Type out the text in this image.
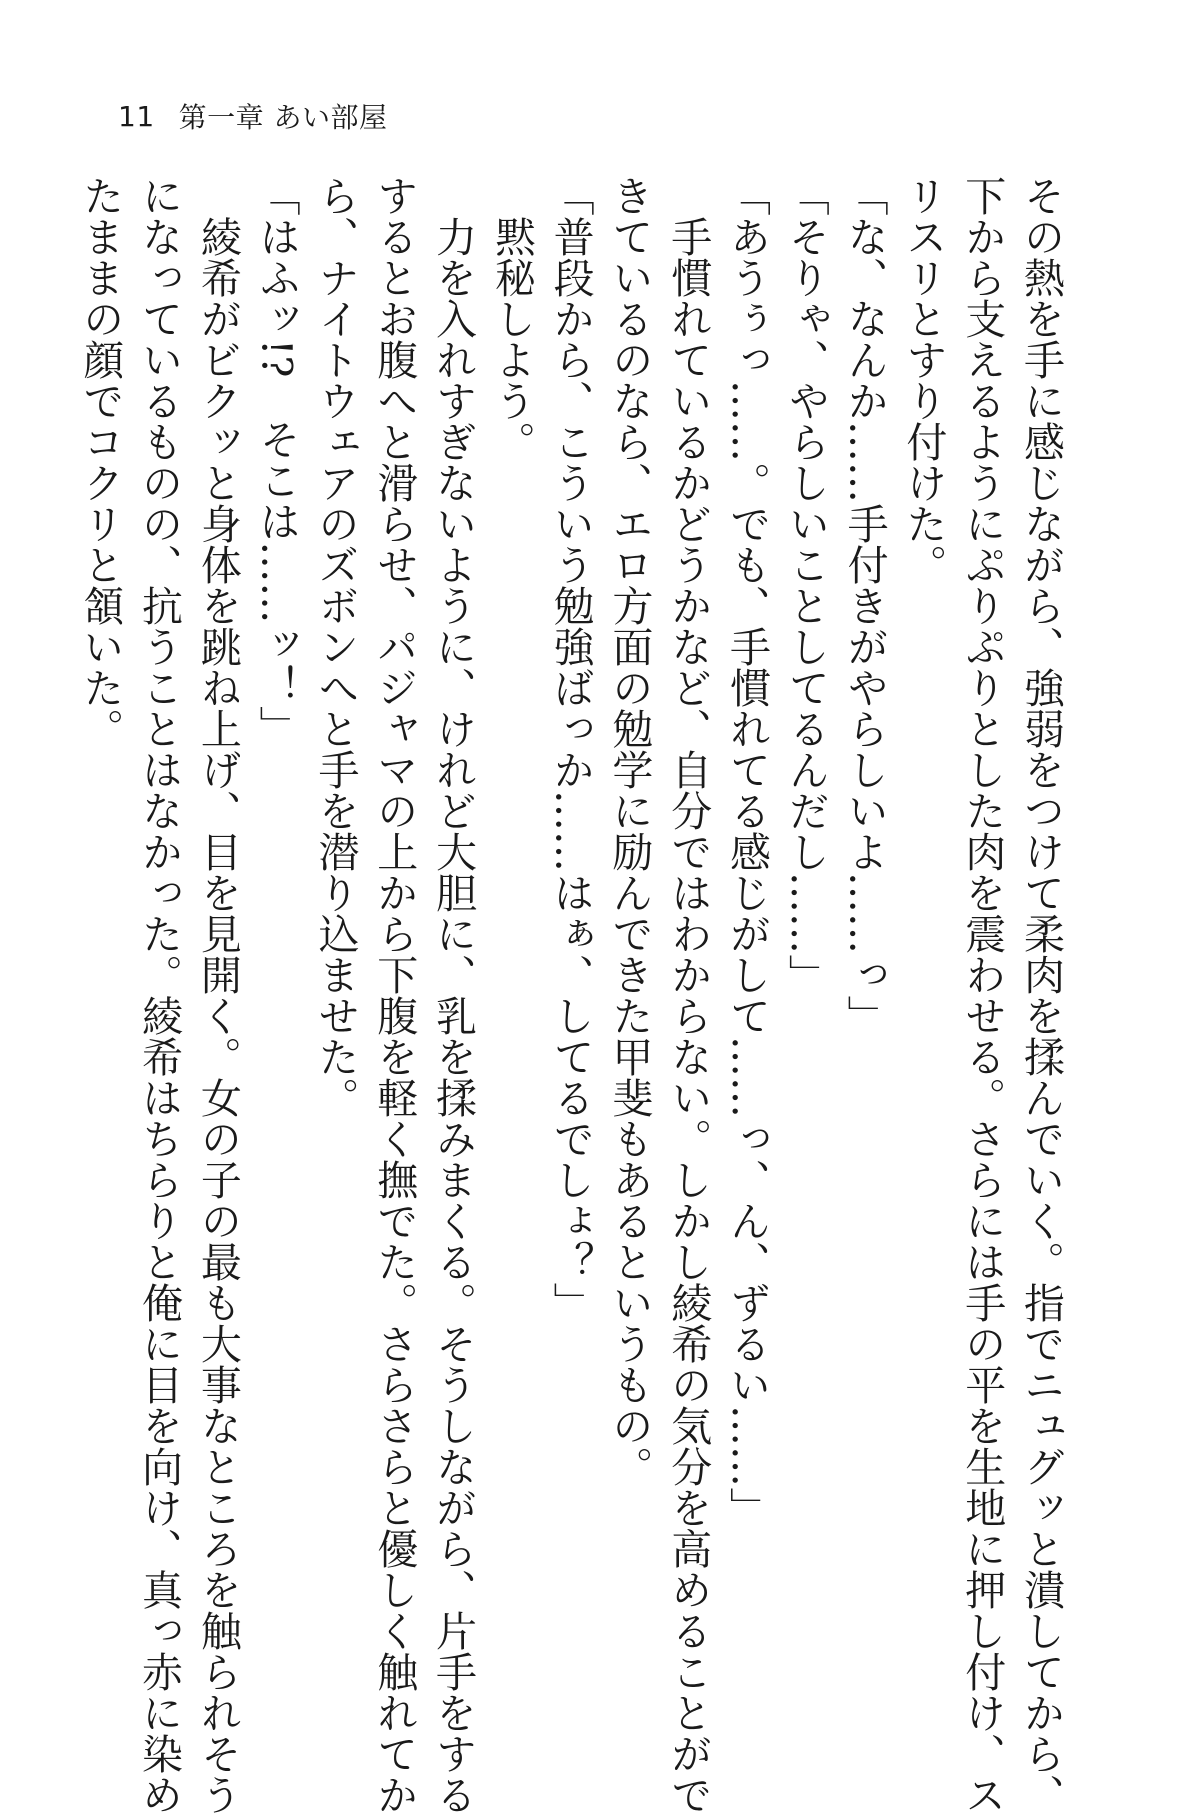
11 第一章 あい部屋
その熱を手に感じながら、強弱をつけて柔肉を揉んでいく。指でニュグッと潰してから、
下から支えるようにぷりぷりとした肉を震わせる。さらには手の平を生地に押し付け、ス
リスリとすり付けた。
「な、なんか……手付きがやらしいよ……っ」
「そりゃ、やらしいことしてるんだし……」
「あうぅっ……。でも、手慣れてる感じがして……っ、ん、ずるい……」
　手慣れているかどうかなど、自分ではわからない。しかし綾希の気分を高めることがで
きているのなら、エロ方面の勉学に励んできた甲斐もあるというもの。
「普段から、こういう勉強ばっか……はぁ、してるでしょ？」
　黙秘しよう。
　力を入れすぎないように、けれど大胆に、乳を揉みまくる。そうしながら、片手をする
するとお腹へと滑らせ、パジャマの上から下腹を軽く撫でた。さらさらと優しく触れてか
ら、ナイトウェアのズボンへと手を潜り込ませた。
「はふッ!?　そこは……ッ！」
　綾希がビクッと身体を跳ね上げ、目を見開く。女の子の最も大事なところを触られそう
になっているものの、抗うことはなかった。綾希はちらりと俺に目を向け、真っ赤に染め
たままの顔でコクリと頷いた。
